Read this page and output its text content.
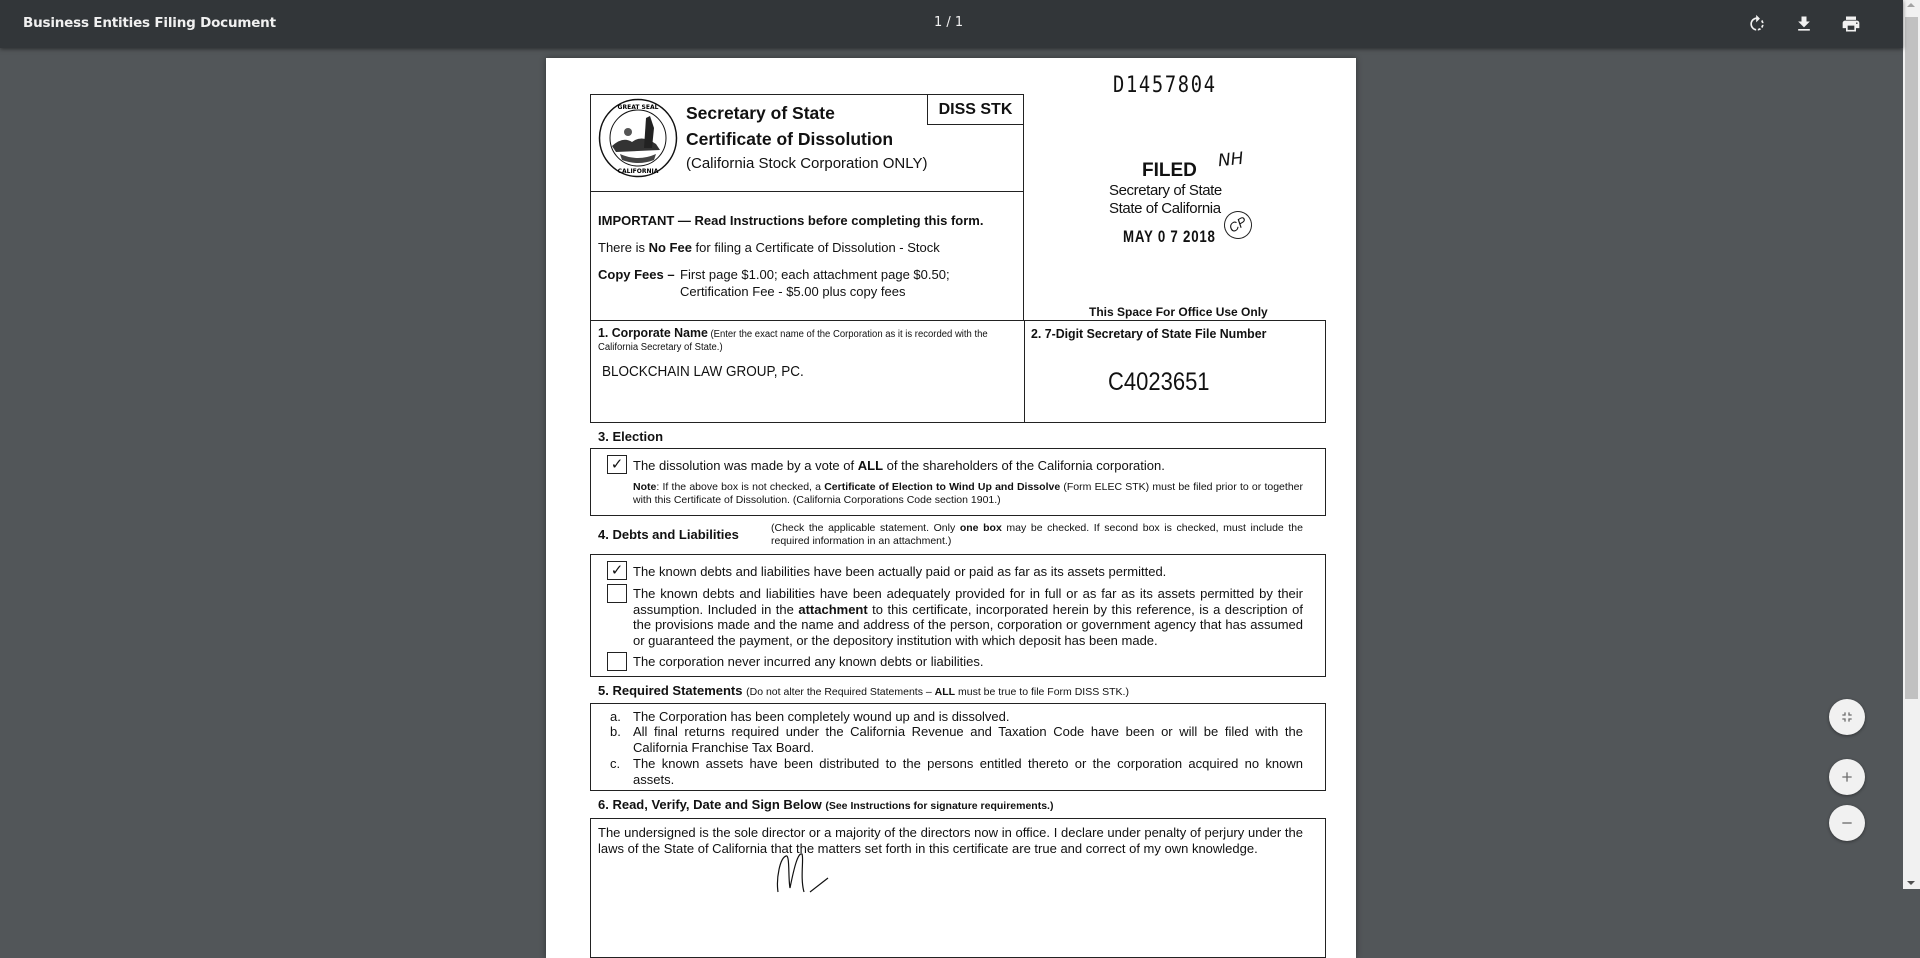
Business Entities Filing Document	1 / 1
D1457804
GREAT SEAL
CALIFORNIA
Secretary of State
Certificate of Dissolution
(California Stock Corporation ONLY)
DISS STK
FILED NH
Secretary of State
State of California
MAY 0 7 2018
CP
This Space For Office Use Only
IMPORTANT — Read Instructions before completing this form.
There is No Fee for filing a Certificate of Dissolution - Stock
Copy Fees – First page $1.00; each attachment page $0.50;
Certification Fee - $5.00 plus copy fees
1. Corporate Name (Enter the exact name of the Corporation as it is recorded with the California Secretary of State.)
BLOCKCHAIN LAW GROUP, PC.
2. 7-Digit Secretary of State File Number
C4023651
3. Election
✓ The dissolution was made by a vote of ALL of the shareholders of the California corporation.
Note: If the above box is not checked, a Certificate of Election to Wind Up and Dissolve (Form ELEC STK) must be filed prior to or together with this Certificate of Dissolution. (California Corporations Code section 1901.)
4. Debts and Liabilities	(Check the applicable statement. Only one box may be checked. If second box is checked, must include the required information in an attachment.)
✓ The known debts and liabilities have been actually paid or paid as far as its assets permitted.
The known debts and liabilities have been adequately provided for in full or as far as its assets permitted by their assumption. Included in the attachment to this certificate, incorporated herein by this reference, is a description of the provisions made and the name and address of the person, corporation or government agency that has assumed or guaranteed the payment, or the depository institution with which deposit has been made.
The corporation never incurred any known debts or liabilities.
5. Required Statements (Do not alter the Required Statements – ALL must be true to file Form DISS STK.)
a. The Corporation has been completely wound up and is dissolved.
b. All final returns required under the California Revenue and Taxation Code have been or will be filed with the California Franchise Tax Board.
c. The known assets have been distributed to the persons entitled thereto or the corporation acquired no known assets.
6. Read, Verify, Date and Sign Below (See Instructions for signature requirements.)
The undersigned is the sole director or a majority of the directors now in office. I declare under penalty of perjury under the laws of the State of California that the matters set forth in this certificate are true and correct of my own knowledge.
